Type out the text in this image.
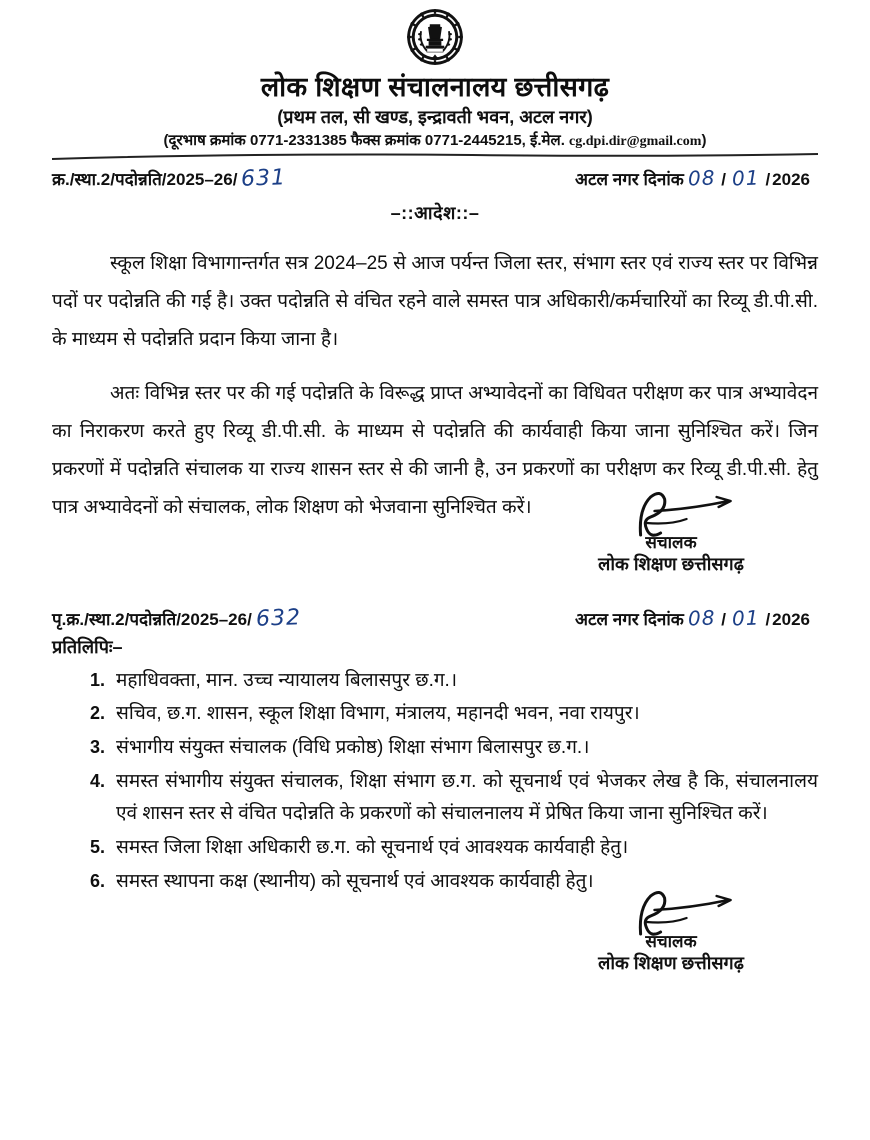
लोक शिक्षण संचालनालय छत्तीसगढ़
(प्रथम तल, सी खण्ड, इन्द्रावती भवन, अटल नगर)
(दूरभाष क्रमांक 0771-2331385 फैक्स क्रमांक 0771-2445215, ई.मेल. cg.dpi.dir@gmail.com)
क्र./स्था.2/पदोन्नति/2025–26/ 631	अटल नगर दिनांक 08 / 01 / 2026
–::आदेश::–
स्कूल शिक्षा विभागान्तर्गत सत्र 2024–25 से आज पर्यन्त जिला स्तर, संभाग स्तर एवं राज्य स्तर पर विभिन्न पदों पर पदोन्नति की गई है। उक्त पदोन्नति से वंचित रहने वाले समस्त पात्र अधिकारी/कर्मचारियों का रिव्यू डी.पी.सी. के माध्यम से पदोन्नति प्रदान किया जाना है।
अतः विभिन्न स्तर पर की गई पदोन्नति के विरूद्ध प्राप्त अभ्यावेदनों का विधिवत परीक्षण कर पात्र अभ्यावेदन का निराकरण करते हुए रिव्यू डी.पी.सी. के माध्यम से पदोन्नति की कार्यवाही किया जाना सुनिश्चित करें। जिन प्रकरणों में पदोन्नति संचालक या राज्य शासन स्तर से की जानी है, उन प्रकरणों का परीक्षण कर रिव्यू डी.पी.सी. हेतु पात्र अभ्यावेदनों को संचालक, लोक शिक्षण को भेजवाना सुनिश्चित करें।
संचालक
लोक शिक्षण छत्तीसगढ़
पृ.क्र./स्था.2/पदोन्नति/2025–26/ 632	अटल नगर दिनांक 08 / 01 / 2026
प्रतिलिपिः–
1. महाधिवक्ता, मान. उच्च न्यायालय बिलासपुर छ.ग.।
2. सचिव, छ.ग. शासन, स्कूल शिक्षा विभाग, मंत्रालय, महानदी भवन, नवा रायपुर।
3. संभागीय संयुक्त संचालक (विधि प्रकोष्ठ) शिक्षा संभाग बिलासपुर छ.ग.।
4. समस्त संभागीय संयुक्त संचालक, शिक्षा संभाग छ.ग. को सूचनार्थ एवं भेजकर लेख है कि, संचालनालय एवं शासन स्तर से वंचित पदोन्नति के प्रकरणों को संचालनालय में प्रेषित किया जाना सुनिश्चित करें।
5. समस्त जिला शिक्षा अधिकारी छ.ग. को सूचनार्थ एवं आवश्यक कार्यवाही हेतु।
6. समस्त स्थापना कक्ष (स्थानीय) को सूचनार्थ एवं आवश्यक कार्यवाही हेतु।
संचालक
लोक शिक्षण छत्तीसगढ़
